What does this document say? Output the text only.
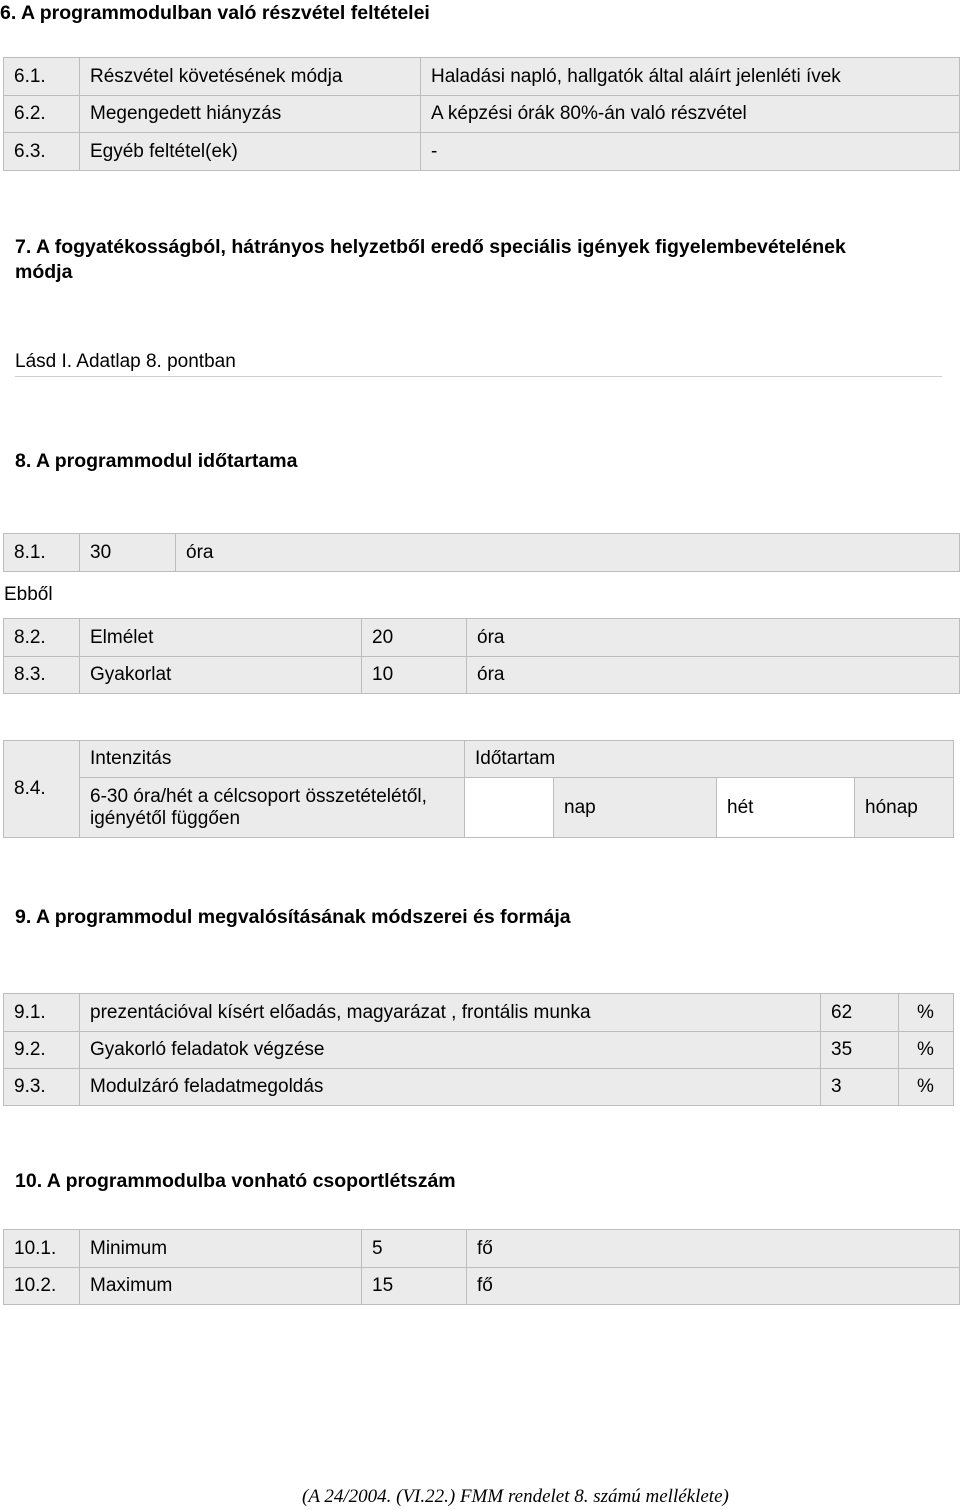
6. A programmodulban való részvétel feltételei
6.1.	Részvétel követésének módja	Haladási napló, hallgatók által aláírt jelenléti ívek
6.2.	Megengedett hiányzás	A képzési órák 80%-án való részvétel
6.3.	Egyéb feltétel(ek)	-
7. A fogyatékosságból, hátrányos helyzetből eredő speciális igények figyelembevételének
módja
Lásd I. Adatlap 8. pontban
8. A programmodul időtartama
8.1.	30	óra
Ebből
8.2.	Elmélet	20	óra
8.3.	Gyakorlat	10	óra
8.4.	Intenzitás	Időtartam			

	6-30 óra/hét a célcsoport összetételétől,
igényétől függően		nap	hét	hónap
9. A programmodul megvalósításának módszerei és formája
9.1.	prezentációval kísért előadás, magyarázat , frontális munka	62	%
9.2.	Gyakorló feladatok végzése	35	%
9.3.	Modulzáró feladatmegoldás	3	%
10. A programmodulba vonható csoportlétszám
10.1.	Minimum	5	fő
10.2.	Maximum	15	fő
(A 24/2004. (VI.22.) FMM rendelet 8. számú melléklete)
